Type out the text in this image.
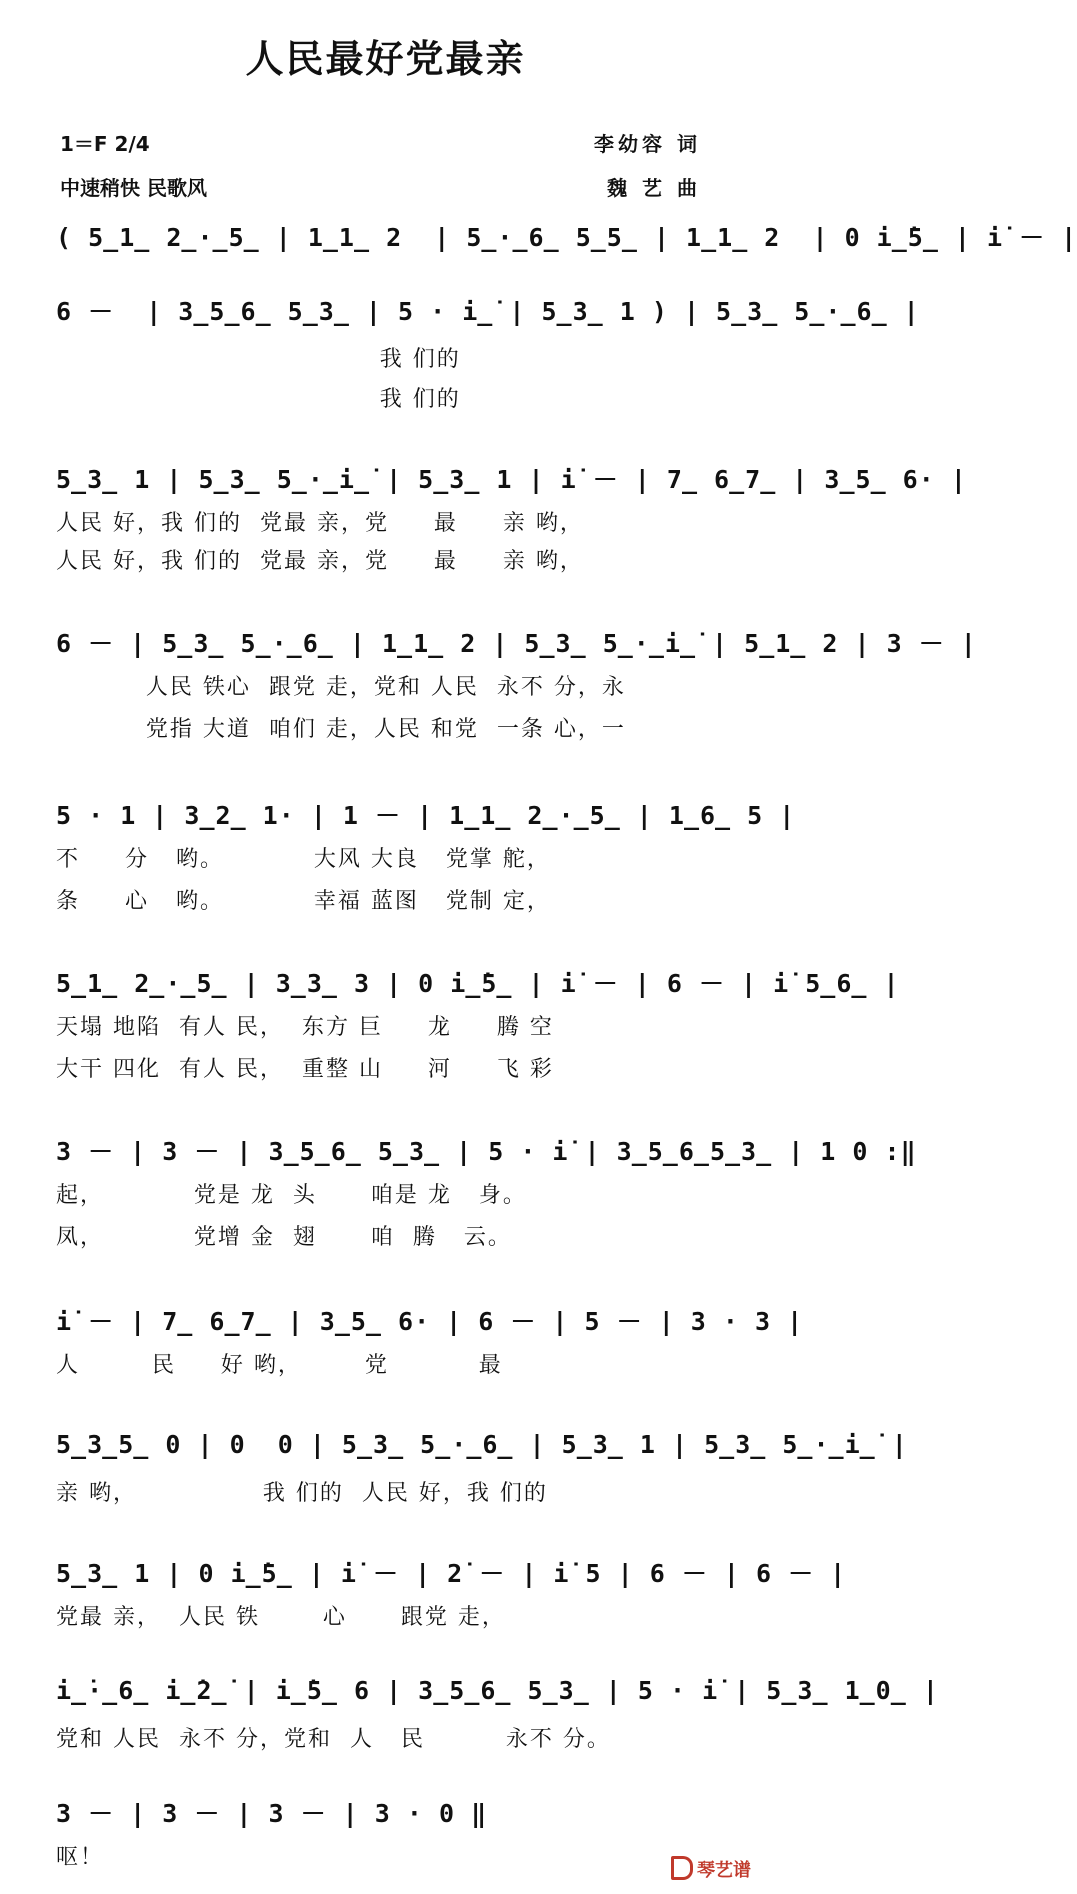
人民最好党最亲
1＝F 2/4
中速稍快 民歌风
李幼容 词
魏 艺 曲
( 5̲1̲ 2̲·̲5̲ | 1̲1̲ 2  | 5̲·̲6̲ 5̲5̲ | 1̲1̲ 2  | 0 i̲̇5̲ | i̇ － |
6 －  | 3̲5̲6̲ 5̲3̲ | 5 · i̲̇ | 5̲3̲ 1 ) | 5̲3̲ 5̲·̲6̲ |
我 们的
我 们的
5̲3̲ 1 | 5̲3̲ 5̲·̲i̲̇ | 5̲3̲ 1 | i̇ － | 7̲ 6̲7̲ | 3̲5̲ 6· |
人民 好，我 们的  党最 亲，党     最     亲 哟，
人民 好，我 们的  党最 亲，党     最     亲 哟，
6 － | 5̲3̲ 5̲·̲6̲ | 1̲1̲ 2 | 5̲3̲ 5̲·̲i̲̇ | 5̲1̲ 2 | 3 － |
人民 铁心  跟党 走，党和 人民  永不 分，永
党指 大道  咱们 走，人民 和党  一条 心，一
5 · 1 | 3̲2̲ 1· | 1 － | 1̲1̲ 2̲·̲5̲ | 1̲6̲ 5 |
不     分   哟。          大风 大良   党掌 舵，
条     心   哟。          幸福 蓝图   党制 定，
5̲1̲ 2̲·̲5̲ | 3̲3̲ 3 | 0 i̲̇5̲ | i̇ － | 6 － | i̇ 5̲6̲ |
天塌 地陷  有人 民，  东方 巨     龙     腾 空
大干 四化  有人 民，  重整 山     河     飞 彩
3 － | 3 － | 3̲5̲6̲ 5̲3̲ | 5 · i̇ | 3̲5̲6̲5̲3̲ | 1 0 :‖
起，          党是 龙  头      咱是 龙   身。
凤，          党增 金  翅      咱  腾   云。
i̇ － | 7̲ 6̲7̲ | 3̲5̲ 6· | 6 － | 5 － | 3 · 3 |
人        民     好 哟，       党          最
5̲3̲5̲ 0 | 0  0 | 5̲3̲ 5̲·̲6̲ | 5̲3̲ 1 | 5̲3̲ 5̲·̲i̲̇ |
亲 哟，              我 们的  人民 好，我 们的
5̲3̲ 1 | 0 i̲̇5̲ | i̇ － | 2̇ － | i̇ 5 | 6 － | 6 － |
党最 亲，  人民 铁       心      跟党 走，
i̲̇·̲6̲ i̲̇2̲̇ | i̲̇5̲ 6 | 3̲5̲6̲ 5̲3̲ | 5 · i̇ | 5̲3̲ 1̲0̲ |
党和 人民  永不 分，党和  人   民         永不 分。
3 － | 3 － | 3 － | 3 · 0 ‖
呕！
琴艺谱
